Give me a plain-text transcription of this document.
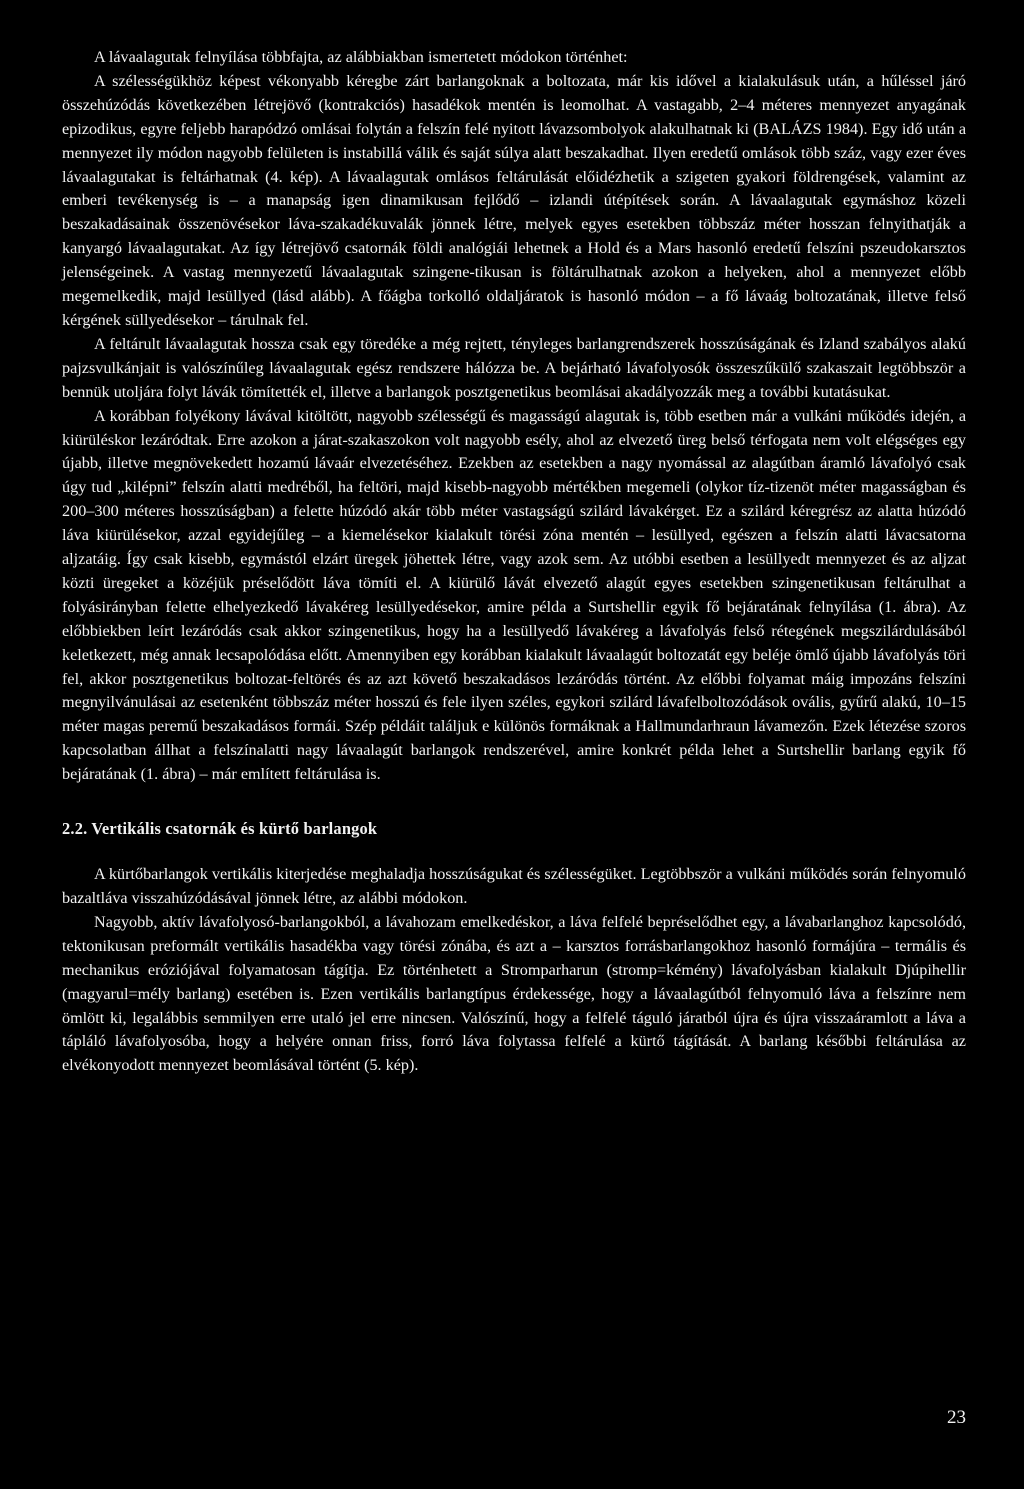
A lávaalagutak felnyílása többfajta, az alábbiakban ismertetett módokon történhet:

A szélességükhöz képest vékonyabb kéregbe zárt barlangoknak a boltozata, már kis idővel a kialakulásuk után, a hűléssel járó összehúzódás következében létrejövő (kontrakciós) hasadékok mentén is leomolhat. A vastagabb, 2–4 méteres mennyezet anyagának epizodikus, egyre feljebb harapódzó omlásai folytán a felszín felé nyitott lávazsombolyok alakulhatnak ki (BALÁZS 1984). Egy idő után a mennyezet ily módon nagyobb felületen is instabillá válik és saját súlya alatt beszakadhat. Ilyen eredetű omlások több száz, vagy ezer éves lávaalagutakat is feltárhatnak (4. kép). A lávaalagutak omlásos feltárulását előidézhetik a szigeten gyakori földrengések, valamint az emberi tevékenység is – a manapság igen dinamikusan fejlődő – izlandi útépítések során. A lávaalagutak egymáshoz közeli beszakadásainak összenövésekor láva-szakadékuvalák jönnek létre, melyek egyes esetekben többszáz méter hosszan felnyithatják a kanyargó lávaalagutakat. Az így létrejövő csatornák földi analógiái lehetnek a Hold és a Mars hasonló eredetű felszíni pszeudokarsztos jelenségeinek. A vastag mennyezetű lávaalagutak szingene-tikusan is föltárulhatnak azokon a helyeken, ahol a mennyezet előbb megemelkedik, majd lesüllyed (lásd alább). A főágba torkolló oldaljáratok is hasonló módon – a fő lávaág boltozatának, illetve felső kérgének süllyedésekor – tárulnak fel.

A feltárult lávaalagutak hossza csak egy töredéke a még rejtett, tényleges barlangrendszerek hosszúságának és Izland szabályos alakú pajzsvulkánjait is valószínűleg lávaalagutak egész rendszere hálózza be. A bejárható lávafolyosók összeszűkülő szakaszait legtöbbször a bennük utoljára folyt lávák tömítették el, illetve a barlangok posztgenetikus beomlásai akadályozzák meg a további kutatásukat.

A korábban folyékony lávával kitöltött, nagyobb szélességű és magasságú alagutak is, több esetben már a vulkáni működés idején, a kiürüléskor lezáródtak. Erre azokon a járat-szakaszokon volt nagyobb esély, ahol az elvezető üreg belső térfogata nem volt elégséges egy újabb, illetve megnövekedett hozamú lávaár elvezetéséhez. Ezekben az esetekben a nagy nyomással az alagútban áramló lávafolyó csak úgy tud „kilépni” felszín alatti medréből, ha feltöri, majd kisebb-nagyobb mértékben megemeli (olykor tíz-tizenöt méter magasságban és 200–300 méteres hosszúságban) a felette húzódó akár több méter vastagságú szilárd lávakérget. Ez a szilárd kéregrész az alatta húzódó láva kiürülésekor, azzal egyidejűleg – a kiemelésekor kialakult törési zóna mentén – lesüllyed, egészen a felszín alatti lávacsatorna aljzatáig. Így csak kisebb, egymástól elzárt üregek jöhettek létre, vagy azok sem. Az utóbbi esetben a lesüllyedt mennyezet és az aljzat közti üregeket a közéjük préselődött láva tömíti el. A kiürülő lávát elvezető alagút egyes esetekben szingenetikusan feltárulhat a folyásirányban felette elhelyezkedő lávakéreg lesüllyedésekor, amire példa a Surtshellir egyik fő bejáratának felnyílása (1. ábra). Az előbbiekben leírt lezáródás csak akkor szingenetikus, hogy ha a lesüllyedő lávakéreg a lávafolyás felső rétegének megszilárdulásából keletkezett, még annak lecsapolódása előtt. Amennyiben egy korábban kialakult lávaalagút boltozatát egy beléje ömlő újabb lávafolyás töri fel, akkor posztgenetikus boltozat-feltörés és az azt követő beszakadásos lezáródás történt. Az előbbi folyamat máig impozáns felszíni megnyilvánulásai az esetenként többszáz méter hosszú és fele ilyen széles, egykori szilárd lávafelboltozódások ovális, gyűrű alakú, 10–15 méter magas peremű beszakadásos formái. Szép példáit találjuk e különös formáknak a Hallmundarhraun lávamezőn. Ezek létezése szoros kapcsolatban állhat a felszínalatti nagy lávaalagút barlangok rendszerével, amire konkrét példa lehet a Surtshellir barlang egyik fő bejáratának (1. ábra) – már említett feltárulása is.

2.2. Vertikális csatornák és kürtő barlangok

A kürtőbarlangok vertikális kiterjedése meghaladja hosszúságukat és szélességüket. Legtöbbször a vulkáni működés során felnyomuló bazaltláva visszahúzódásával jönnek létre, az alábbi módokon.

Nagyobb, aktív lávafolyosó-barlangokból, a lávahozam emelkedéskor, a láva felfelé bepréselődhet egy, a lávabarlanghoz kapcsolódó, tektonikusan preformált vertikális hasadékba vagy törési zónába, és azt a – karsztos forrásbarlangokhoz hasonló formájúra – termális és mechanikus eróziójával folyamatosan tágítja. Ez történhetett a Stromparharun (stromp=kémény) lávafolyásban kialakult Djúpihellir (magyarul=mély barlang) esetében is. Ezen vertikális barlangtípus érdekessége, hogy a lávaalagútból felnyomuló láva a felszínre nem ömlött ki, legalábbis semmilyen erre utaló jel erre nincsen. Valószínű, hogy a felfelé táguló járatból újra és újra visszaáramlott a láva a tápláló lávafolyosóba, hogy a helyére onnan friss, forró láva folytassa felfelé a kürtő tágítását. A barlang későbbi feltárulása az elvékonyodott mennyezet beomlásával történt (5. kép).

23
